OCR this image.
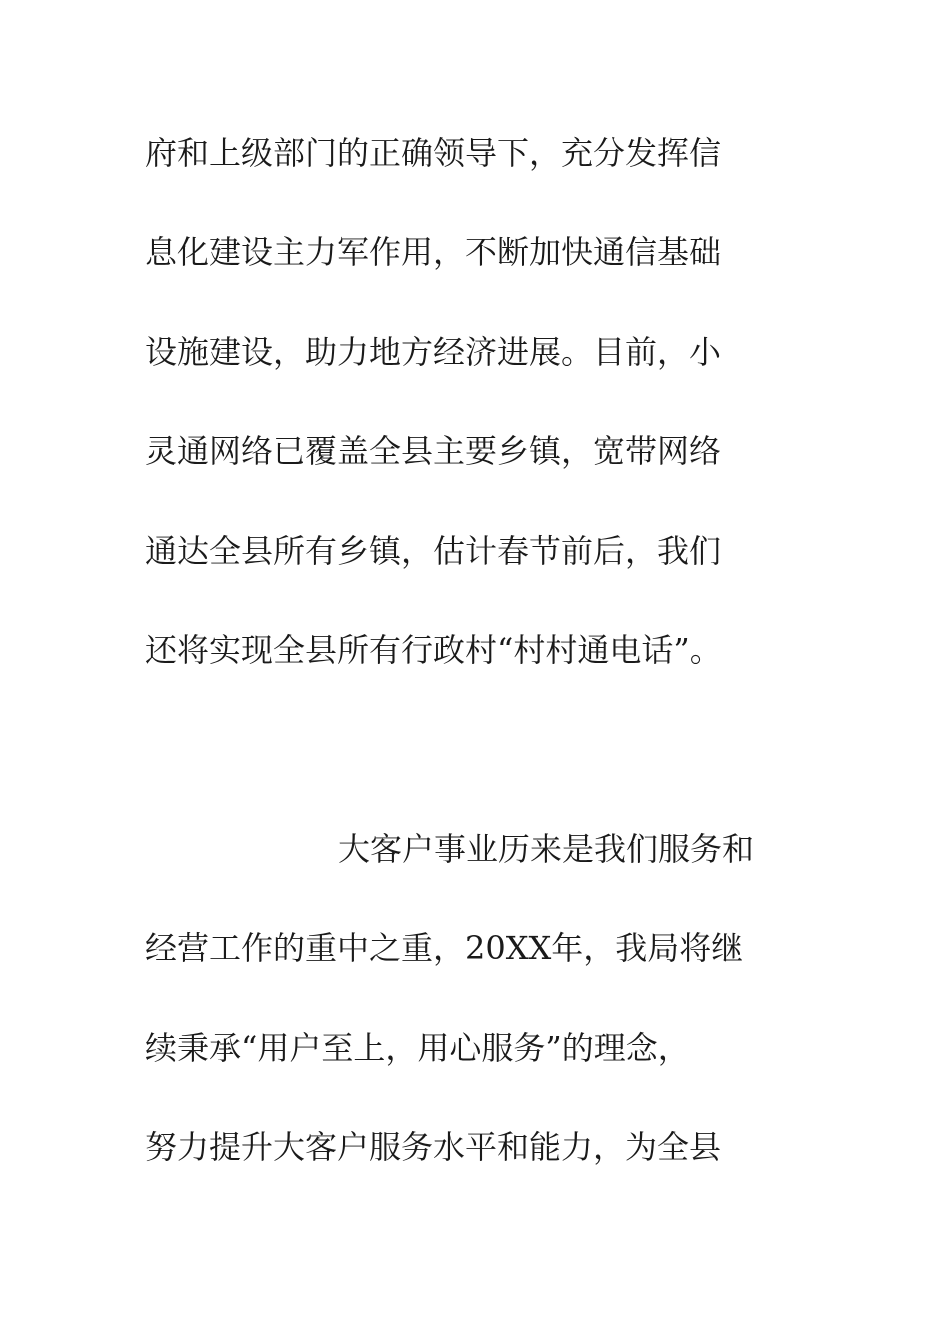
府和上级部门的正确领导下，充分发挥信
息化建设主力军作用，不断加快通信基础
设施建设，助力地方经济进展。目前，小
灵通网络已覆盖全县主要乡镇，宽带网络
通达全县所有乡镇，估计春节前后，我们
还将实现全县所有行政村“村村通电话”。
大客户事业历来是我们服务和
经营工作的重中之重，20XX年，我局将继
续秉承“用户至上，用心服务”的理念，
努力提升大客户服务水平和能力，为全县
